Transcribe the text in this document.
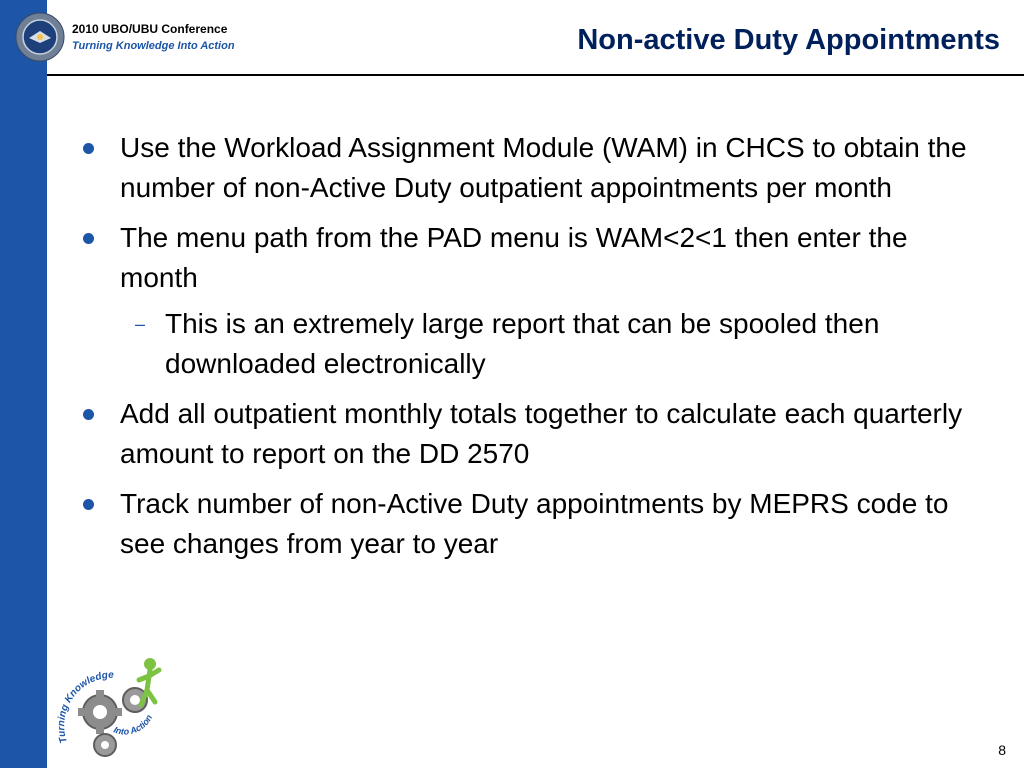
2010 UBO/UBU Conference
Turning Knowledge Into Action	Non-active Duty Appointments
Use the Workload Assignment Module (WAM) in CHCS to obtain the number of non-Active Duty outpatient appointments per month
The menu path from the PAD menu is WAM<2<1 then enter the month
– This is an extremely large report that can be spooled then downloaded electronically
Add all outpatient monthly totals together to calculate each quarterly amount to report on the DD 2570
Track number of non-Active Duty appointments by MEPRS code to see changes from year to year
Turning Knowledge
Into Action
8
